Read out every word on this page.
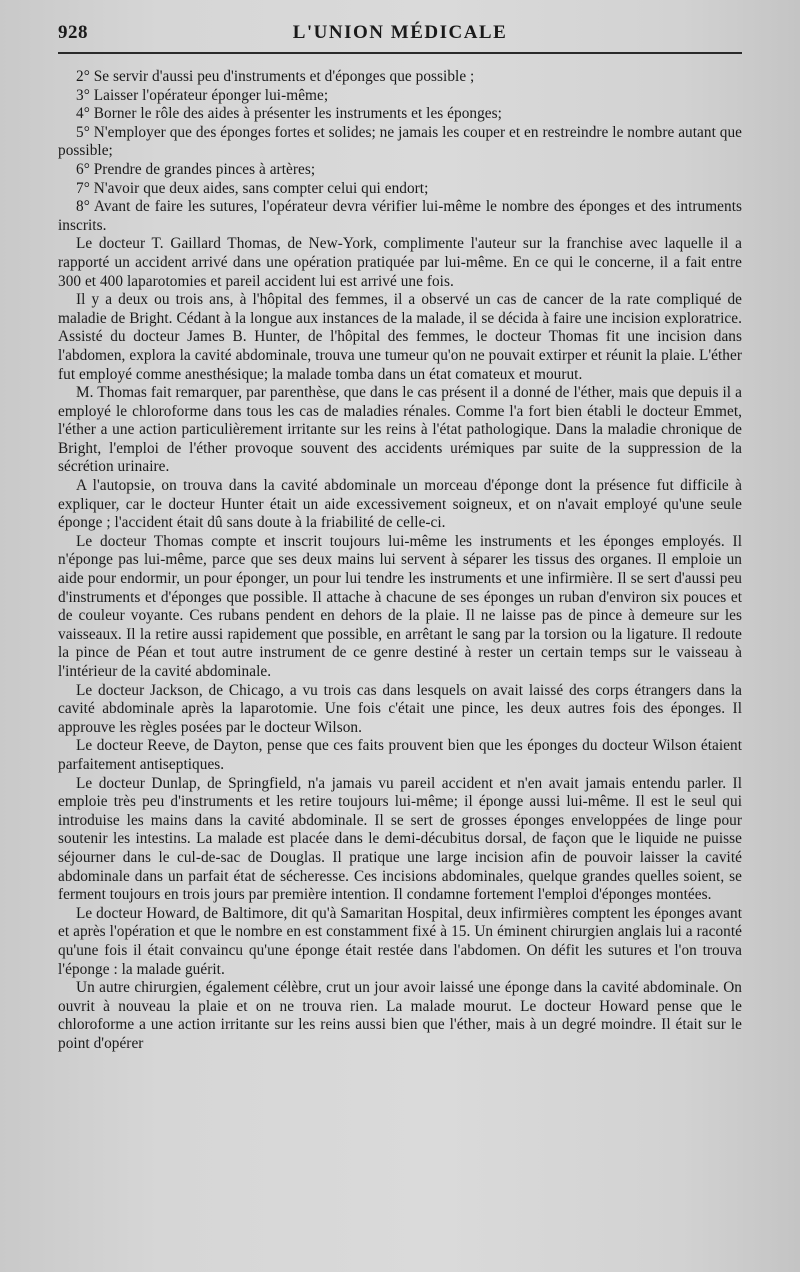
928	L'UNION MÉDICALE

2° Se servir d'aussi peu d'instruments et d'éponges que possible ;

3° Laisser l'opérateur éponger lui-même;

4° Borner le rôle des aides à présenter les instruments et les éponges;

5° N'employer que des éponges fortes et solides; ne jamais les couper et en restreindre le nombre autant que possible;

6° Prendre de grandes pinces à artères;

7° N'avoir que deux aides, sans compter celui qui endort;

8° Avant de faire les sutures, l'opérateur devra vérifier lui-même le nombre des éponges et des intruments inscrits.

Le docteur T. Gaillard Thomas, de New-York, complimente l'auteur sur la franchise avec laquelle il a rapporté un accident arrivé dans une opération pratiquée par lui-même. En ce qui le concerne, il a fait entre 300 et 400 laparotomies et pareil accident lui est arrivé une fois.

Il y a deux ou trois ans, à l'hôpital des femmes, il a observé un cas de cancer de la rate compliqué de maladie de Bright. Cédant à la longue aux instances de la malade, il se décida à faire une incision exploratrice. Assisté du docteur James B. Hunter, de l'hôpital des femmes, le docteur Thomas fit une incision dans l'abdomen, explora la cavité abdominale, trouva une tumeur qu'on ne pouvait extirper et réunit la plaie. L'éther fut employé comme anesthésique; la malade tomba dans un état comateux et mourut.

M. Thomas fait remarquer, par parenthèse, que dans le cas présent il a donné de l'éther, mais que depuis il a employé le chloroforme dans tous les cas de maladies rénales. Comme l'a fort bien établi le docteur Emmet, l'éther a une action particulièrement irritante sur les reins à l'état pathologique. Dans la maladie chronique de Bright, l'emploi de l'éther provoque souvent des accidents urémiques par suite de la suppression de la sécrétion urinaire.

A l'autopsie, on trouva dans la cavité abdominale un morceau d'éponge dont la présence fut difficile à expliquer, car le docteur Hunter était un aide excessivement soigneux, et on n'avait employé qu'une seule éponge ; l'accident était dû sans doute à la friabilité de celle-ci.

Le docteur Thomas compte et inscrit toujours lui-même les instruments et les éponges employés. Il n'éponge pas lui-même, parce que ses deux mains lui servent à séparer les tissus des organes. Il emploie un aide pour endormir, un pour éponger, un pour lui tendre les instruments et une infirmière. Il se sert d'aussi peu d'instruments et d'éponges que possible. Il attache à chacune de ses éponges un ruban d'environ six pouces et de couleur voyante. Ces rubans pendent en dehors de la plaie. Il ne laisse pas de pince à demeure sur les vaisseaux. Il la retire aussi rapidement que possible, en arrêtant le sang par la torsion ou la ligature. Il redoute la pince de Péan et tout autre instrument de ce genre destiné à rester un certain temps sur le vaisseau à l'intérieur de la cavité abdominale.

Le docteur Jackson, de Chicago, a vu trois cas dans lesquels on avait laissé des corps étrangers dans la cavité abdominale après la laparotomie. Une fois c'était une pince, les deux autres fois des éponges. Il approuve les règles posées par le docteur Wilson.

Le docteur Reeve, de Dayton, pense que ces faits prouvent bien que les éponges du docteur Wilson étaient parfaitement antiseptiques.

Le docteur Dunlap, de Springfield, n'a jamais vu pareil accident et n'en avait jamais entendu parler. Il emploie très peu d'instruments et les retire toujours lui-même; il éponge aussi lui-même. Il est le seul qui introduise les mains dans la cavité abdominale. Il se sert de grosses éponges enveloppées de linge pour soutenir les intestins. La malade est placée dans le demi-décubitus dorsal, de façon que le liquide ne puisse séjourner dans le cul-de-sac de Douglas. Il pratique une large incision afin de pouvoir laisser la cavité abdominale dans un parfait état de sécheresse. Ces incisions abdominales, quelque grandes quelles soient, se ferment toujours en trois jours par première intention. Il condamne fortement l'emploi d'éponges montées.

Le docteur Howard, de Baltimore, dit qu'à Samaritan Hospital, deux infirmières comptent les éponges avant et après l'opération et que le nombre en est constamment fixé à 15. Un éminent chirurgien anglais lui a raconté qu'une fois il était convaincu qu'une éponge était restée dans l'abdomen. On défit les sutures et l'on trouva l'éponge : la malade guérit.

Un autre chirurgien, également célèbre, crut un jour avoir laissé une éponge dans la cavité abdominale. On ouvrit à nouveau la plaie et on ne trouva rien. La malade mourut. Le docteur Howard pense que le chloroforme a une action irritante sur les reins aussi bien que l'éther, mais à un degré moindre. Il était sur le point d'opérer
